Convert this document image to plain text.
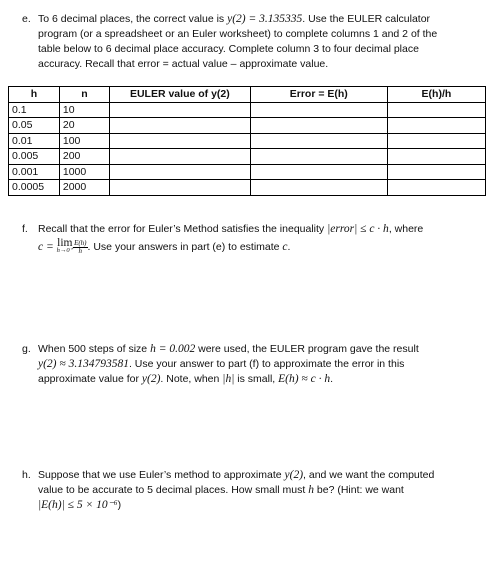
e. To 6 decimal places, the correct value is y(2) = 3.135335. Use the EULER calculator
program (or a spreadsheet or an Euler worksheet) to complete columns 1 and 2 of the
table below to 6 decimal place accuracy. Complete column 3 to four decimal place
accuracy. Recall that error = actual value – approximate value.
h	n	EULER value of y(2)	Error = E(h)	E(h)/h
0.1	10			
0.05	20			
0.01	100			
0.005	200			
0.001	1000			
0.0005	2000			
f. Recall that the error for Euler’s Method satisfies the inequality |error| ≤ c · h, where
c = lim
$h\to 0^+ \frac{E(h)}{h}$ . Use your answers in part (e) to estimate c.
g. When 500 steps of size h = 0.002 were used, the EULER program gave the result
y(2) ≈ 3.134793581. Use your answer to part (f) to approximate the error in this
approximate value for y(2). Note, when |h| is small, E(h) ≈ c · h.
h. Suppose that we use Euler’s method to approximate y(2), and we want the computed
value to be accurate to 5 decimal places. How small must h be? (Hint: we want
|E(h)| ≤ 5 × 10⁻⁶)
